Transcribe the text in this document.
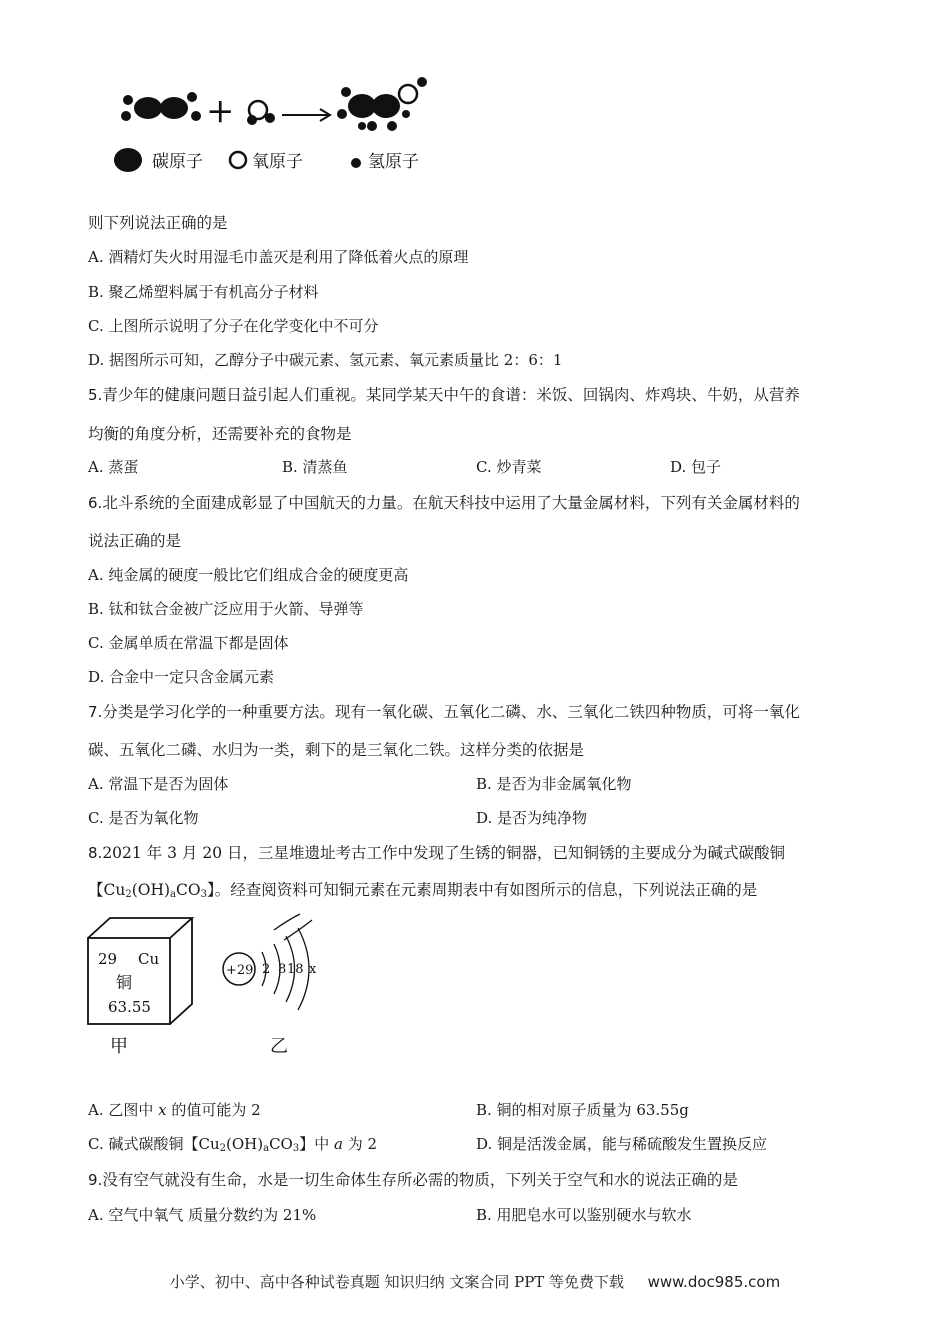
+
碳原子	氧原子	氢原子
则下列说法正确的是
A. 酒精灯失火时用湿毛巾盖灭是利用了降低着火点的原理
B. 聚乙烯塑料属于有机高分子材料
C. 上图所示说明了分子在化学变化中不可分
D. 据图所示可知，乙醇分子中碳元素、氢元素、氧元素质量比 2：6：1
5.青少年的健康问题日益引起人们重视。某同学某天中午的食谱：米饭、回锅肉、炸鸡块、牛奶，从营养
均衡的角度分析，还需要补充的食物是
A. 蒸蛋	B. 清蒸鱼	C. 炒青菜	D. 包子
6.北斗系统的全面建成彰显了中国航天的力量。在航天科技中运用了大量金属材料，下列有关金属材料的
说法正确的是
A. 纯金属的硬度一般比它们组成合金的硬度更高
B. 钛和钛合金被广泛应用于火箭、导弹等
C. 金属单质在常温下都是固体
D. 合金中一定只含金属元素
7.分类是学习化学的一种重要方法。现有一氧化碳、五氧化二磷、水、三氧化二铁四种物质，可将一氧化
碳、五氧化二磷、水归为一类，剩下的是三氧化二铁。这样分类的依据是
A. 常温下是否为固体	B. 是否为非金属氧化物
C. 是否为氧化物	D. 是否为纯净物
8.2021 年 3 月 20 日，三星堆遗址考古工作中发现了生锈的铜器，已知铜锈的主要成分为碱式碳酸铜
【$Cu_2(OH)_aCO_3$】。经查阅资料可知铜元素在元素周期表中有如图所示的信息，下列说法正确的是
29 Cu
铜
63.55
+29 2 8 18 x
甲	乙
A. 乙图中 x 的值可能为 2	B. 铜的相对原子质量为 63.55g
C. 碱式碳酸铜【$Cu_2(OH)_aCO_3$】中 a 为 2	D. 铜是活泼金属，能与稀硫酸发生置换反应
9.没有空气就没有生命，水是一切生命体生存所必需的物质，下列关于空气和水的说法正确的是
A. 空气中氧气 质量分数约为 21%	B. 用肥皂水可以鉴别硬水与软水
小学、初中、高中各种试卷真题 知识归纳 文案合同 PPT 等免费下载 www.doc985.com
